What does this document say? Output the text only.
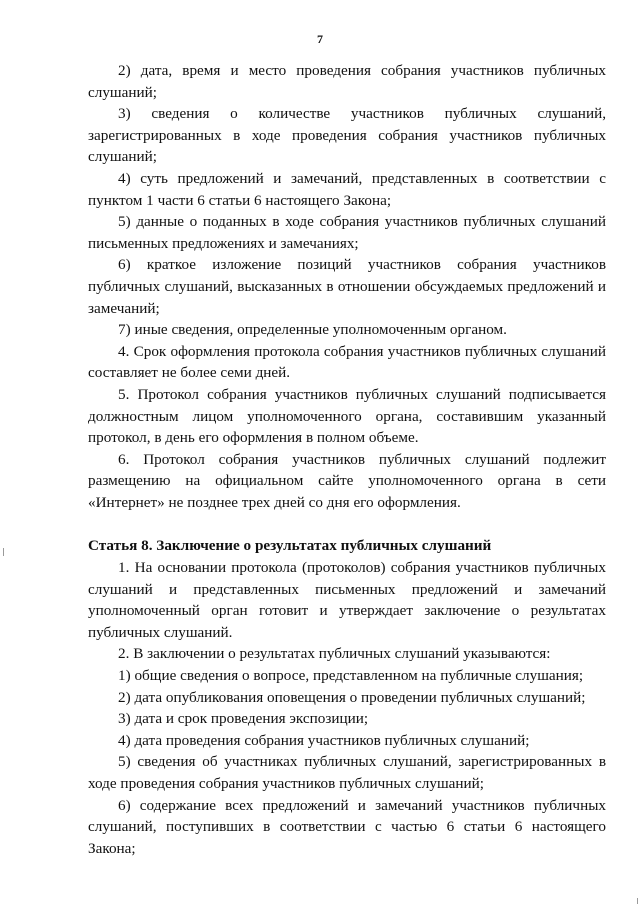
7

2) дата, время и место проведения собрания участников публичных слушаний;

3) сведения о количестве участников публичных слушаний, зарегистрированных в ходе проведения собрания участников публичных слушаний;

4) суть предложений и замечаний, представленных в соответствии с пунктом 1 части 6 статьи 6 настоящего Закона;

5) данные о поданных в ходе собрания участников публичных слушаний письменных предложениях и замечаниях;

6) краткое изложение позиций участников собрания участников публичных слушаний, высказанных в отношении обсуждаемых предложений и замечаний;

7) иные сведения, определенные уполномоченным органом.

4. Срок оформления протокола собрания участников публичных слушаний составляет не более семи дней.

5. Протокол собрания участников публичных слушаний подписывается должностным лицом уполномоченного органа, составившим указанный протокол, в день его оформления в полном объеме.

6. Протокол собрания участников публичных слушаний подлежит размещению на официальном сайте уполномоченного органа в сети «Интернет» не позднее трех дней со дня его оформления.

Статья 8. Заключение о результатах публичных слушаний

1. На основании протокола (протоколов) собрания участников публичных слушаний и представленных письменных предложений и замечаний уполномоченный орган готовит и утверждает заключение о результатах публичных слушаний.

2. В заключении о результатах публичных слушаний указываются:

1) общие сведения о вопросе, представленном на публичные слушания;

2) дата опубликования оповещения о проведении публичных слушаний;

3) дата и срок проведения экспозиции;

4) дата проведения собрания участников публичных слушаний;

5) сведения об участниках публичных слушаний, зарегистрированных в ходе проведения собрания участников публичных слушаний;

6) содержание всех предложений и замечаний участников публичных слушаний, поступивших в соответствии с частью 6 статьи 6 настоящего Закона;
